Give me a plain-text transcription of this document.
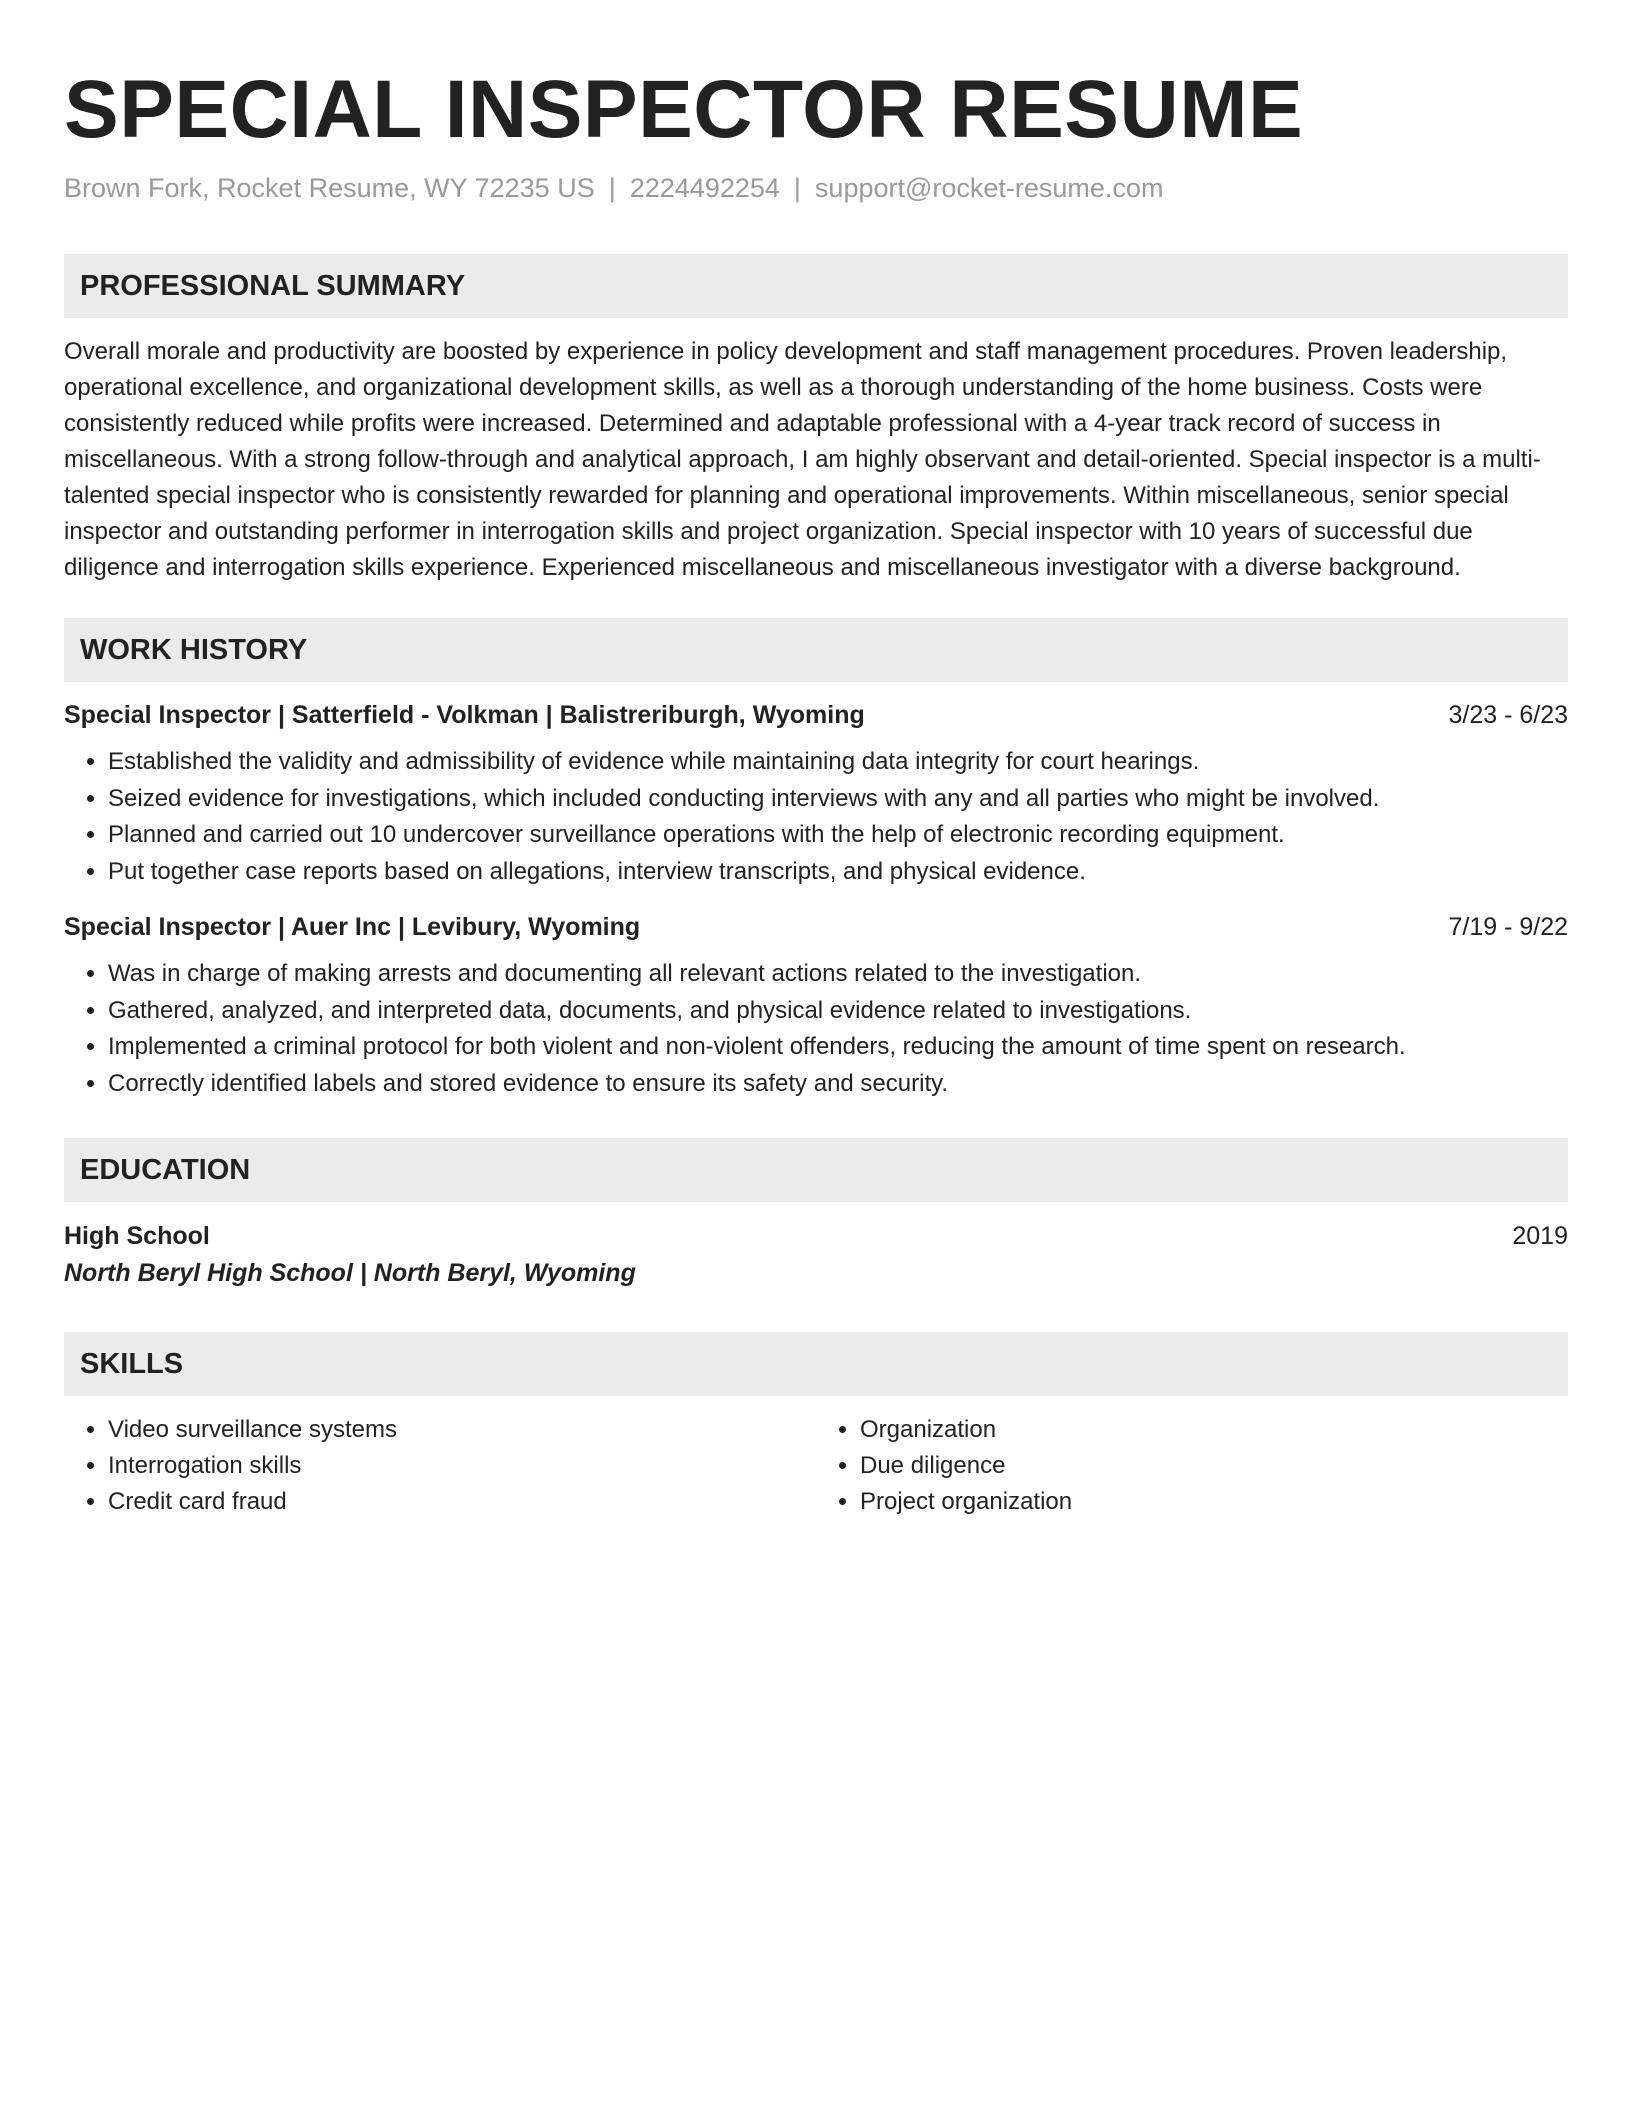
SPECIAL INSPECTOR RESUME
Brown Fork, Rocket Resume, WY 72235 US | 2224492254 | support@rocket-resume.com
PROFESSIONAL SUMMARY
Overall morale and productivity are boosted by experience in policy development and staff management procedures. Proven leadership, operational excellence, and organizational development skills, as well as a thorough understanding of the home business. Costs were consistently reduced while profits were increased. Determined and adaptable professional with a 4-year track record of success in miscellaneous. With a strong follow-through and analytical approach, I am highly observant and detail-oriented. Special inspector is a multi-talented special inspector who is consistently rewarded for planning and operational improvements. Within miscellaneous, senior special inspector and outstanding performer in interrogation skills and project organization. Special inspector with 10 years of successful due diligence and interrogation skills experience. Experienced miscellaneous and miscellaneous investigator with a diverse background.
WORK HISTORY
Special Inspector | Satterfield - Volkman | Balistreriburgh, Wyoming	3/23 - 6/23
• Established the validity and admissibility of evidence while maintaining data integrity for court hearings.
• Seized evidence for investigations, which included conducting interviews with any and all parties who might be involved.
• Planned and carried out 10 undercover surveillance operations with the help of electronic recording equipment.
• Put together case reports based on allegations, interview transcripts, and physical evidence.
Special Inspector | Auer Inc | Levibury, Wyoming	7/19 - 9/22
• Was in charge of making arrests and documenting all relevant actions related to the investigation.
• Gathered, analyzed, and interpreted data, documents, and physical evidence related to investigations.
• Implemented a criminal protocol for both violent and non-violent offenders, reducing the amount of time spent on research.
• Correctly identified labels and stored evidence to ensure its safety and security.
EDUCATION
High School	2019
North Beryl High School | North Beryl, Wyoming
SKILLS
• Video surveillance systems
• Interrogation skills
• Credit card fraud
• Organization
• Due diligence
• Project organization
